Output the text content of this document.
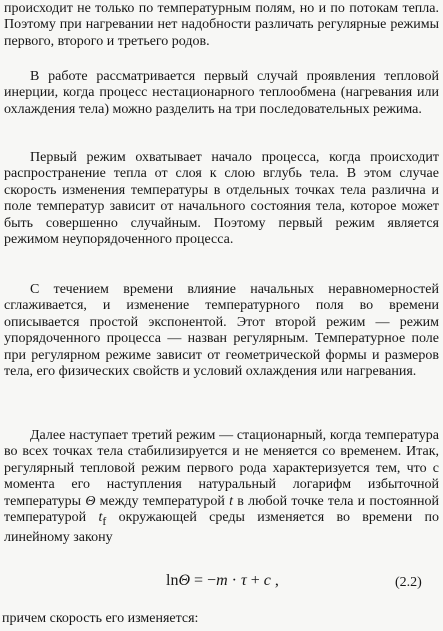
происходит не только по температурным полям, но и по потокам тепла. Поэтому при нагревании нет надобности различать регулярные режимы первого, второго и третьего родов.

В работе рассматривается первый случай проявления тепловой инерции, когда процесс нестационарного теплообмена (нагревания или охлаждения тела) можно разделить на три последовательных режима.

Первый режим охватывает начало процесса, когда происходит распространение тепла от слоя к слою вглубь тела. В этом случае скорость изменения температуры в отдельных точках тела различна и поле температур зависит от начального состояния тела, которое может быть совершенно случайным. Поэтому первый режим является режимом неупорядоченного процесса.

С течением времени влияние начальных неравномерностей сглаживается, и изменение температурного поля во времени описывается простой экспонентой. Этот второй режим — режим упорядоченного процесса — назван регулярным. Температурное поле при регулярном режиме зависит от геометрической формы и размеров тела, его физических свойств и условий охлаждения или нагревания.

Далее наступает третий режим — стационарный, когда температура во всех точках тела стабилизируется и не меняется со временем. Итак, регулярный тепловой режим первого рода характеризуется тем, что с момента его наступления натуральный логарифм избыточной температуры Θ между температурой t в любой точке тела и постоянной температурой $t_f$ окружающей среды изменяется во времени по линейному закону

lnΘ = −m · τ + c ,	(2.2)
причем скорость его изменяется:
